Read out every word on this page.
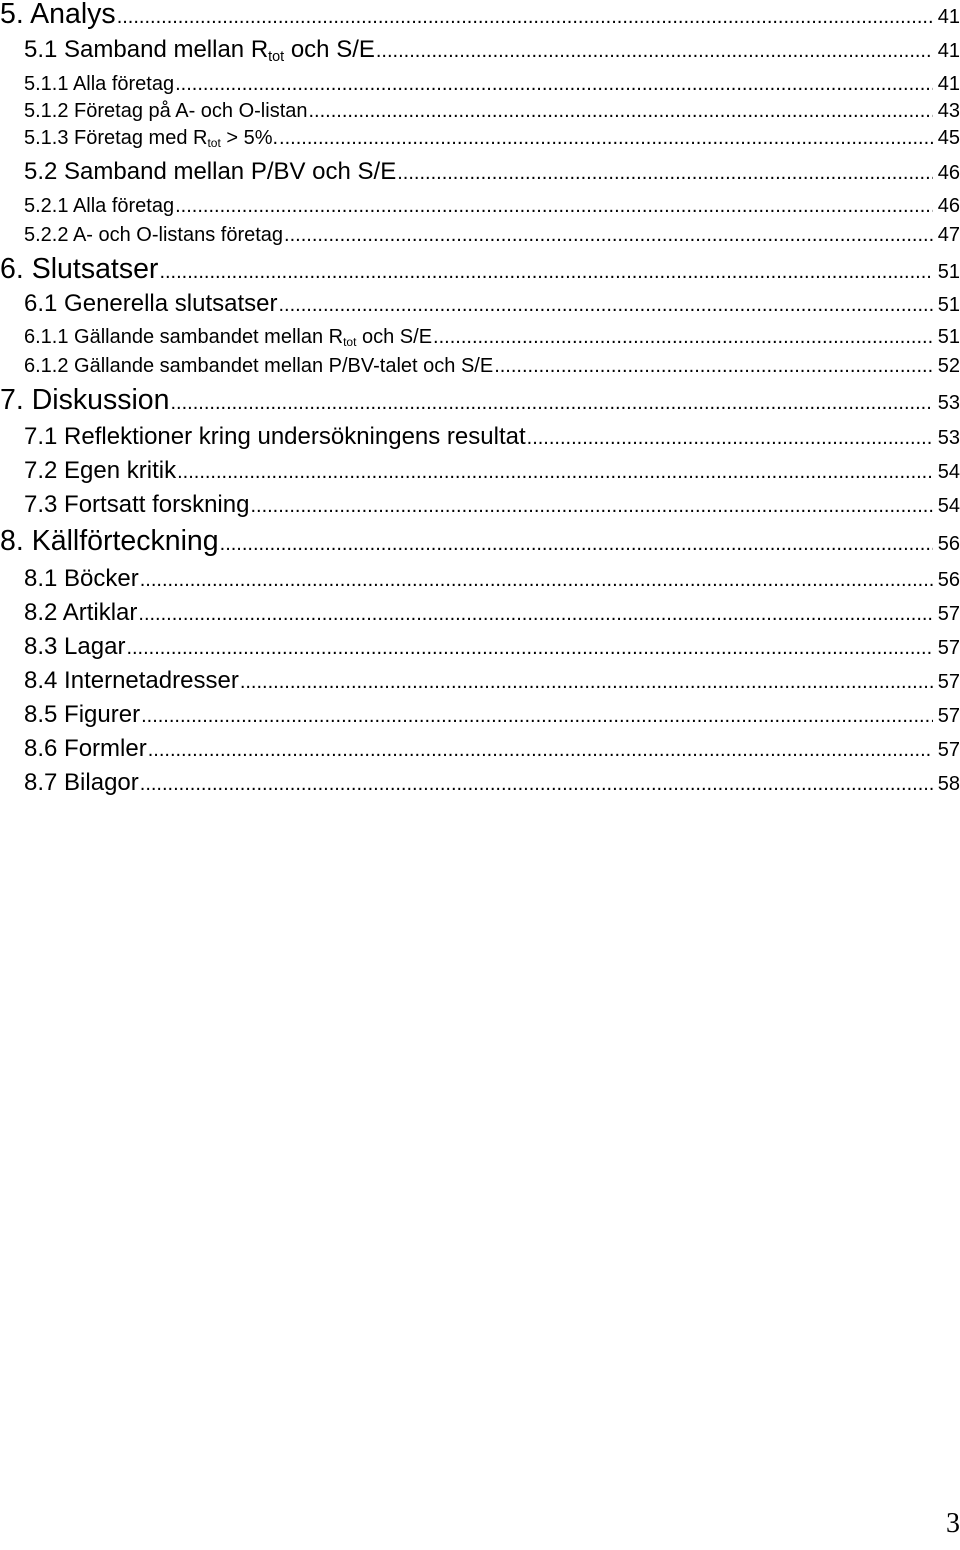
5. Analys .....	41
5.1 Samband mellan $R_{tot}$ och S/E .....	41
5.1.1 Alla företag .....	41
5.1.2 Företag på A- och O-listan .....	43
5.1.3 Företag med $R_{tot} > 5\%$. .....	45
5.2 Samband mellan P/BV och S/E .....	46
5.2.1 Alla företag .....	46
5.2.2 A- och O-listans företag .....	47
6. Slutsatser .....	51
6.1 Generella slutsatser .....	51
6.1.1 Gällande sambandet mellan $R_{tot}$ och S/E .....	51
6.1.2 Gällande sambandet mellan P/BV-talet och S/E .....	52
7. Diskussion .....	53
7.1 Reflektioner kring undersökningens resultat .....	53
7.2 Egen kritik .....	54
7.3 Fortsatt forskning .....	54
8. Källförteckning .....	56
8.1 Böcker .....	56
8.2 Artiklar .....	57
8.3 Lagar .....	57
8.4 Internetadresser .....	57
8.5 Figurer .....	57
8.6 Formler .....	57
8.7 Bilagor .....	58
3
